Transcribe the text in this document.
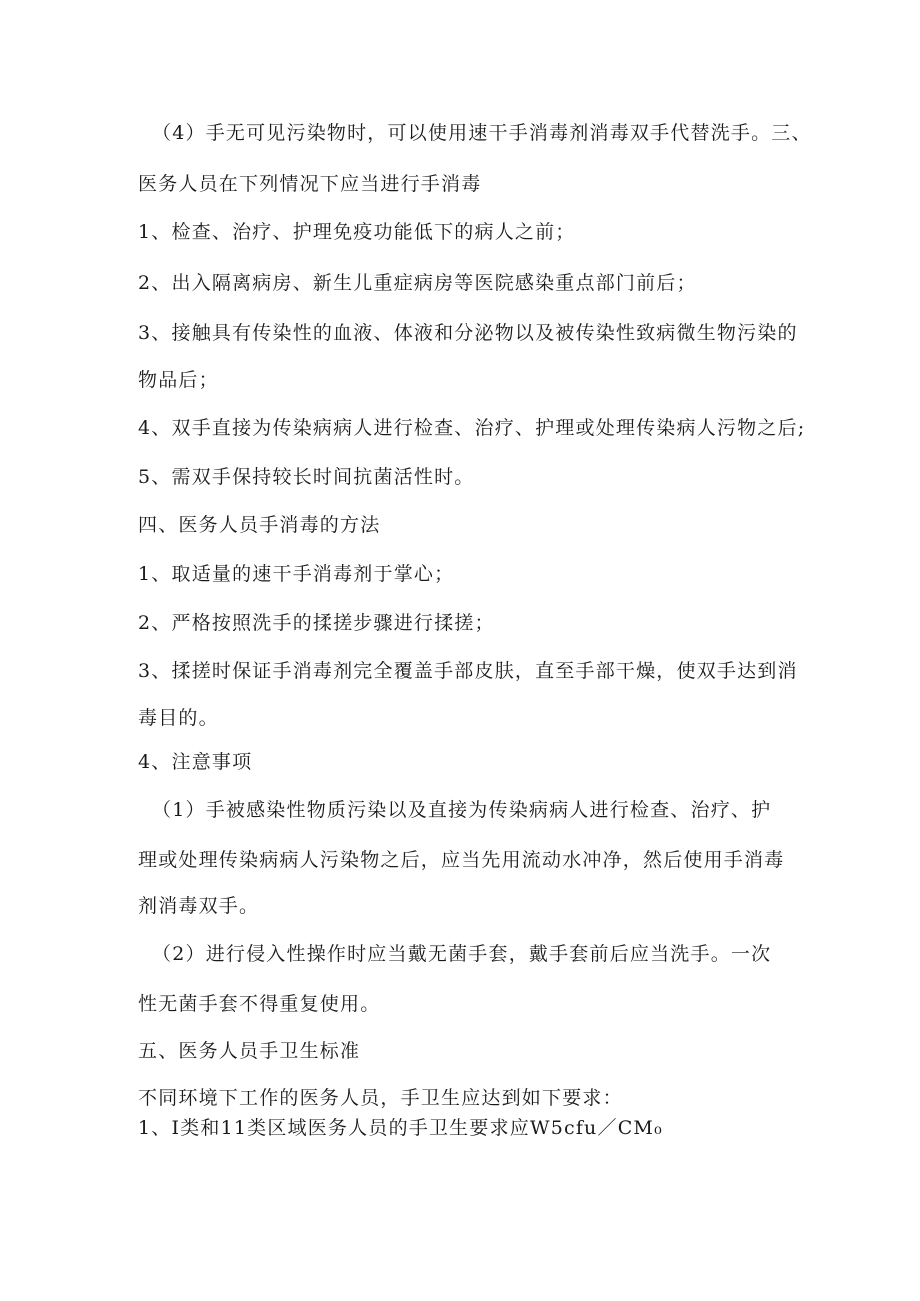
（4）手无可见污染物时，可以使用速干手消毒剂消毒双手代替洗手。三、
医务人员在下列情况下应当进行手消毒
1、检查、治疗、护理免疫功能低下的病人之前；
2、出入隔离病房、新生儿重症病房等医院感染重点部门前后；
3、接触具有传染性的血液、体液和分泌物以及被传染性致病微生物污染的
物品后；
4、双手直接为传染病病人进行检查、治疗、护理或处理传染病人污物之后;
5、需双手保持较长时间抗菌活性时。
四、医务人员手消毒的方法
1、取适量的速干手消毒剂于掌心；
2、严格按照洗手的揉搓步骤进行揉搓；
3、揉搓时保证手消毒剂完全覆盖手部皮肤，直至手部干燥，使双手达到消
毒目的。
4、注意事项
（1）手被感染性物质污染以及直接为传染病病人进行检查、治疗、护
理或处理传染病病人污染物之后，应当先用流动水冲净，然后使用手消毒
剂消毒双手。
（2）进行侵入性操作时应当戴无菌手套，戴手套前后应当洗手。一次
性无菌手套不得重复使用。
五、医务人员手卫生标准
不同环境下工作的医务人员，手卫生应达到如下要求：
1、I类和11类区域医务人员的手卫生要求应W5cfu／CM₀
